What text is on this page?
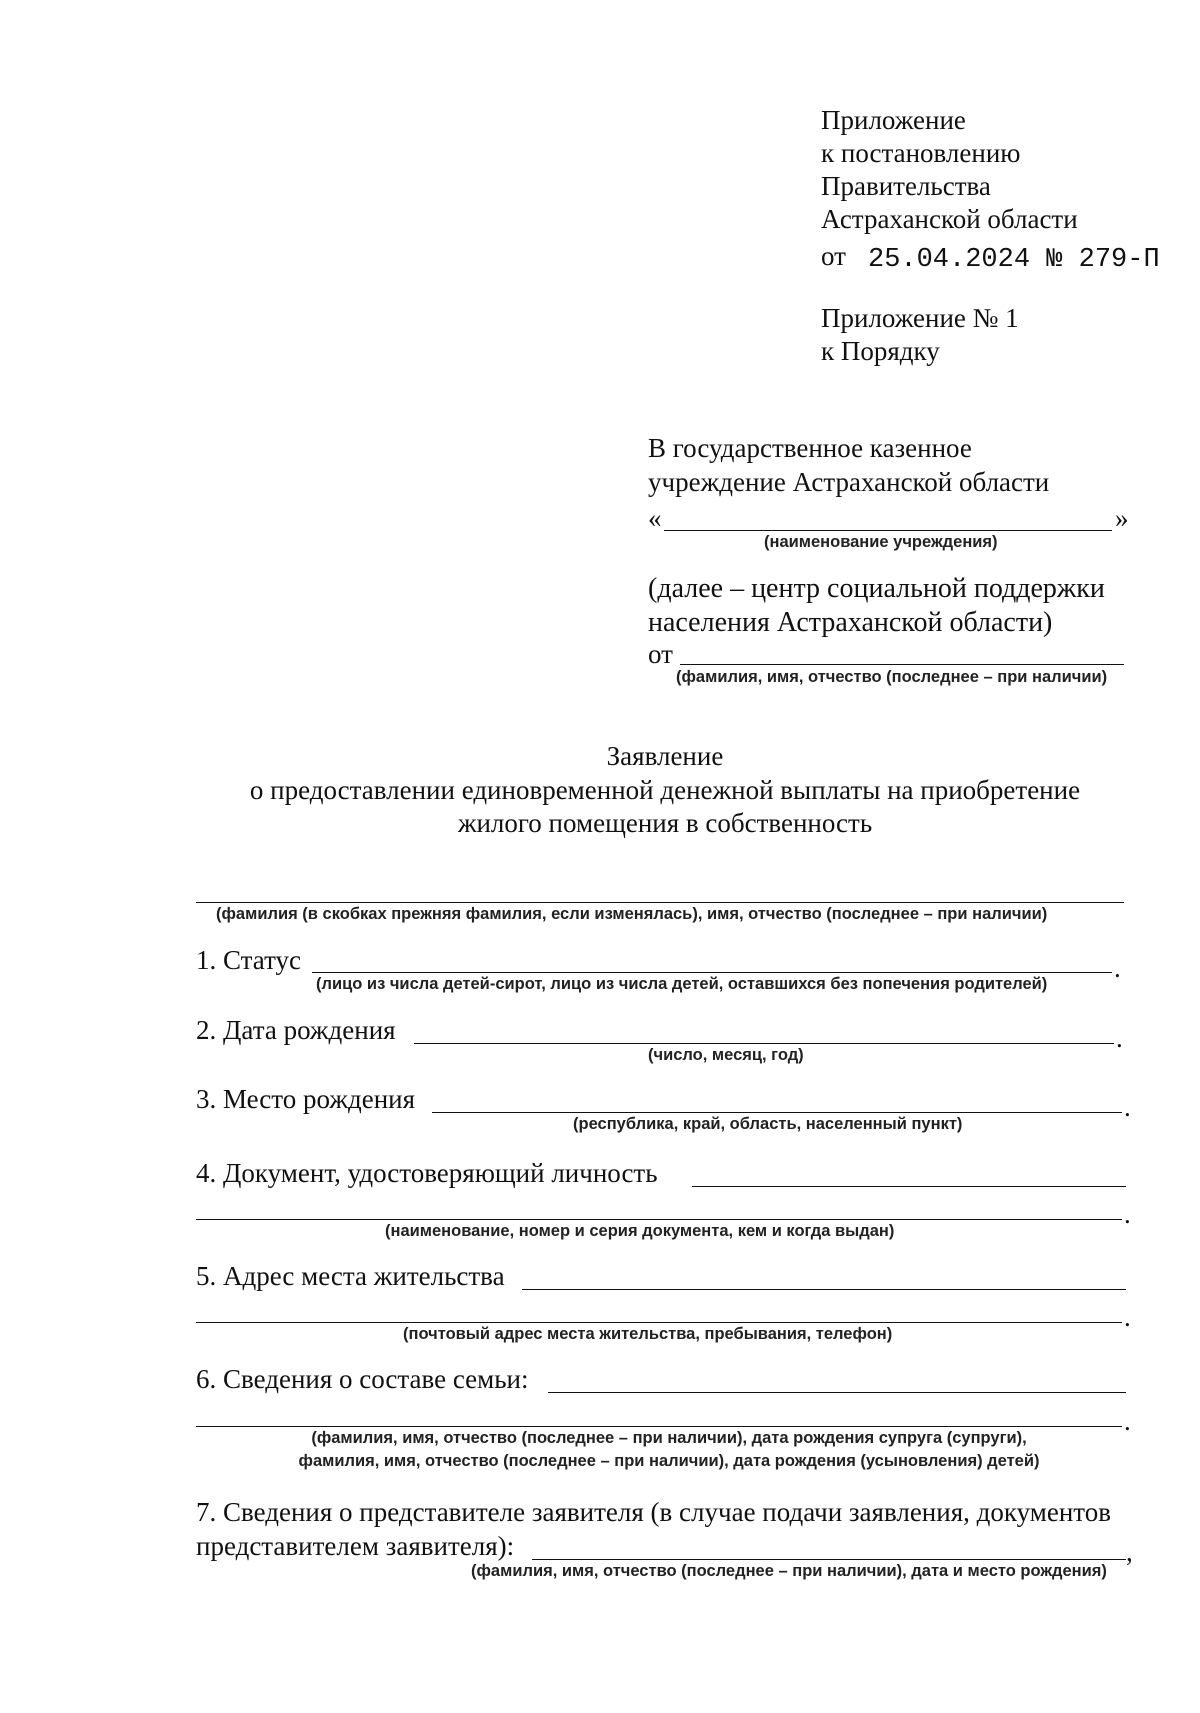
Приложение
к постановлению
Правительства
Астраханской области
от 25.04.2024 № 279-П
Приложение № 1
к Порядку
В государственное казенное
учреждение Астраханской области
«	»
(наименование учреждения)
(далее – центр социальной поддержки
населения Астраханской области)
от
(фамилия, имя, отчество (последнее – при наличии)
Заявление
о предоставлении единовременной денежной выплаты на приобретение
жилого помещения в собственность
(фамилия (в скобках прежняя фамилия, если изменялась), имя, отчество (последнее – при наличии)
1. Статус	.
(лицо из числа детей-сирот, лицо из числа детей, оставшихся без попечения родителей)
2. Дата рождения	.
(число, месяц, год)
3. Место рождения	.
(республика, край, область, населенный пункт)
4. Документ, удостоверяющий личность
.
(наименование, номер и серия документа, кем и когда выдан)
5. Адрес места жительства
.
(почтовый адрес места жительства, пребывания, телефон)
6. Сведения о составе семьи:
.
(фамилия, имя, отчество (последнее – при наличии), дата рождения супруга (супруги),
фамилия, имя, отчество (последнее – при наличии), дата рождения (усыновления) детей)
7. Сведения о представителе заявителя (в случае подачи заявления, документов
представителем заявителя):	,
(фамилия, имя, отчество (последнее – при наличии), дата и место рождения)
